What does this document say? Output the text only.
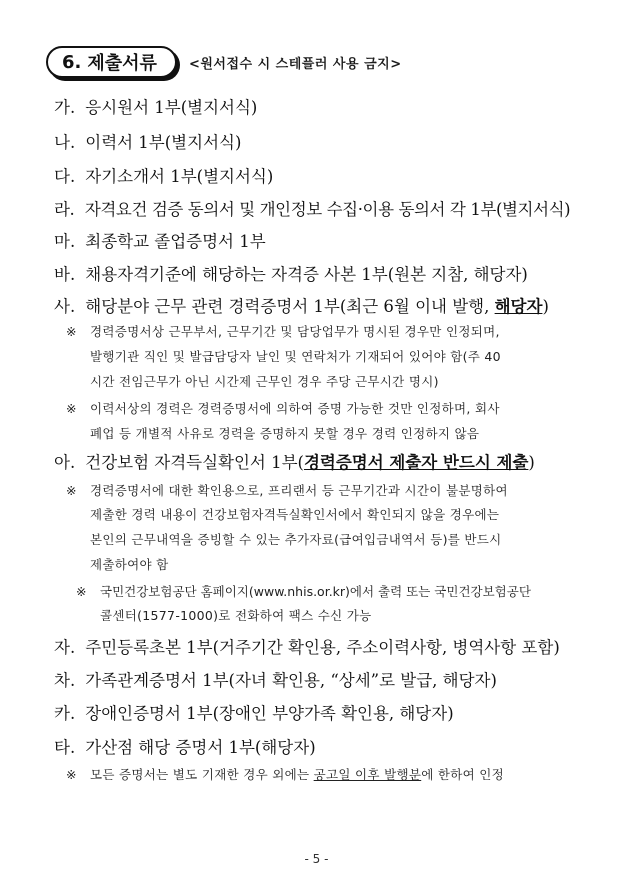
6. 제출서류 <원서접수 시 스테플러 사용 금지>
가. 응시원서 1부(별지서식)
나. 이력서 1부(별지서식)
다. 자기소개서 1부(별지서식)
라. 자격요건 검증 동의서 및 개인정보 수집·이용 동의서 각 1부(별지서식)
마. 최종학교 졸업증명서 1부
바. 채용자격기준에 해당하는 자격증 사본 1부(원본 지참, 해당자)
사. 해당분야 근무 관련 경력증명서 1부(최근 6월 이내 발행, 해당자)
※ 경력증명서상 근무부서, 근무기간 및 담당업무가 명시된 경우만 인정되며,
발행기관 직인 및 발급담당자 날인 및 연락처가 기재되어 있어야 함(주 40
시간 전임근무가 아닌 시간제 근무인 경우 주당 근무시간 명시)
※ 이력서상의 경력은 경력증명서에 의하여 증명 가능한 것만 인정하며, 회사
폐업 등 개별적 사유로 경력을 증명하지 못할 경우 경력 인정하지 않음
아. 건강보험 자격득실확인서 1부(경력증명서 제출자 반드시 제출)
※ 경력증명서에 대한 확인용으로, 프리랜서 등 근무기간과 시간이 불분명하여
제출한 경력 내용이 건강보험자격득실확인서에서 확인되지 않을 경우에는
본인의 근무내역을 증빙할 수 있는 추가자료(급여입금내역서 등)를 반드시
제출하여야 함
※ 국민건강보험공단 홈페이지(www.nhis.or.kr)에서 출력 또는 국민건강보험공단
콜센터(1577-1000)로 전화하여 팩스 수신 가능
자. 주민등록초본 1부(거주기간 확인용, 주소이력사항, 병역사항 포함)
차. 가족관계증명서 1부(자녀 확인용, “상세”로 발급, 해당자)
카. 장애인증명서 1부(장애인 부양가족 확인용, 해당자)
타. 가산점 해당 증명서 1부(해당자)
※ 모든 증명서는 별도 기재한 경우 외에는 공고일 이후 발행분에 한하여 인정
- 5 -
